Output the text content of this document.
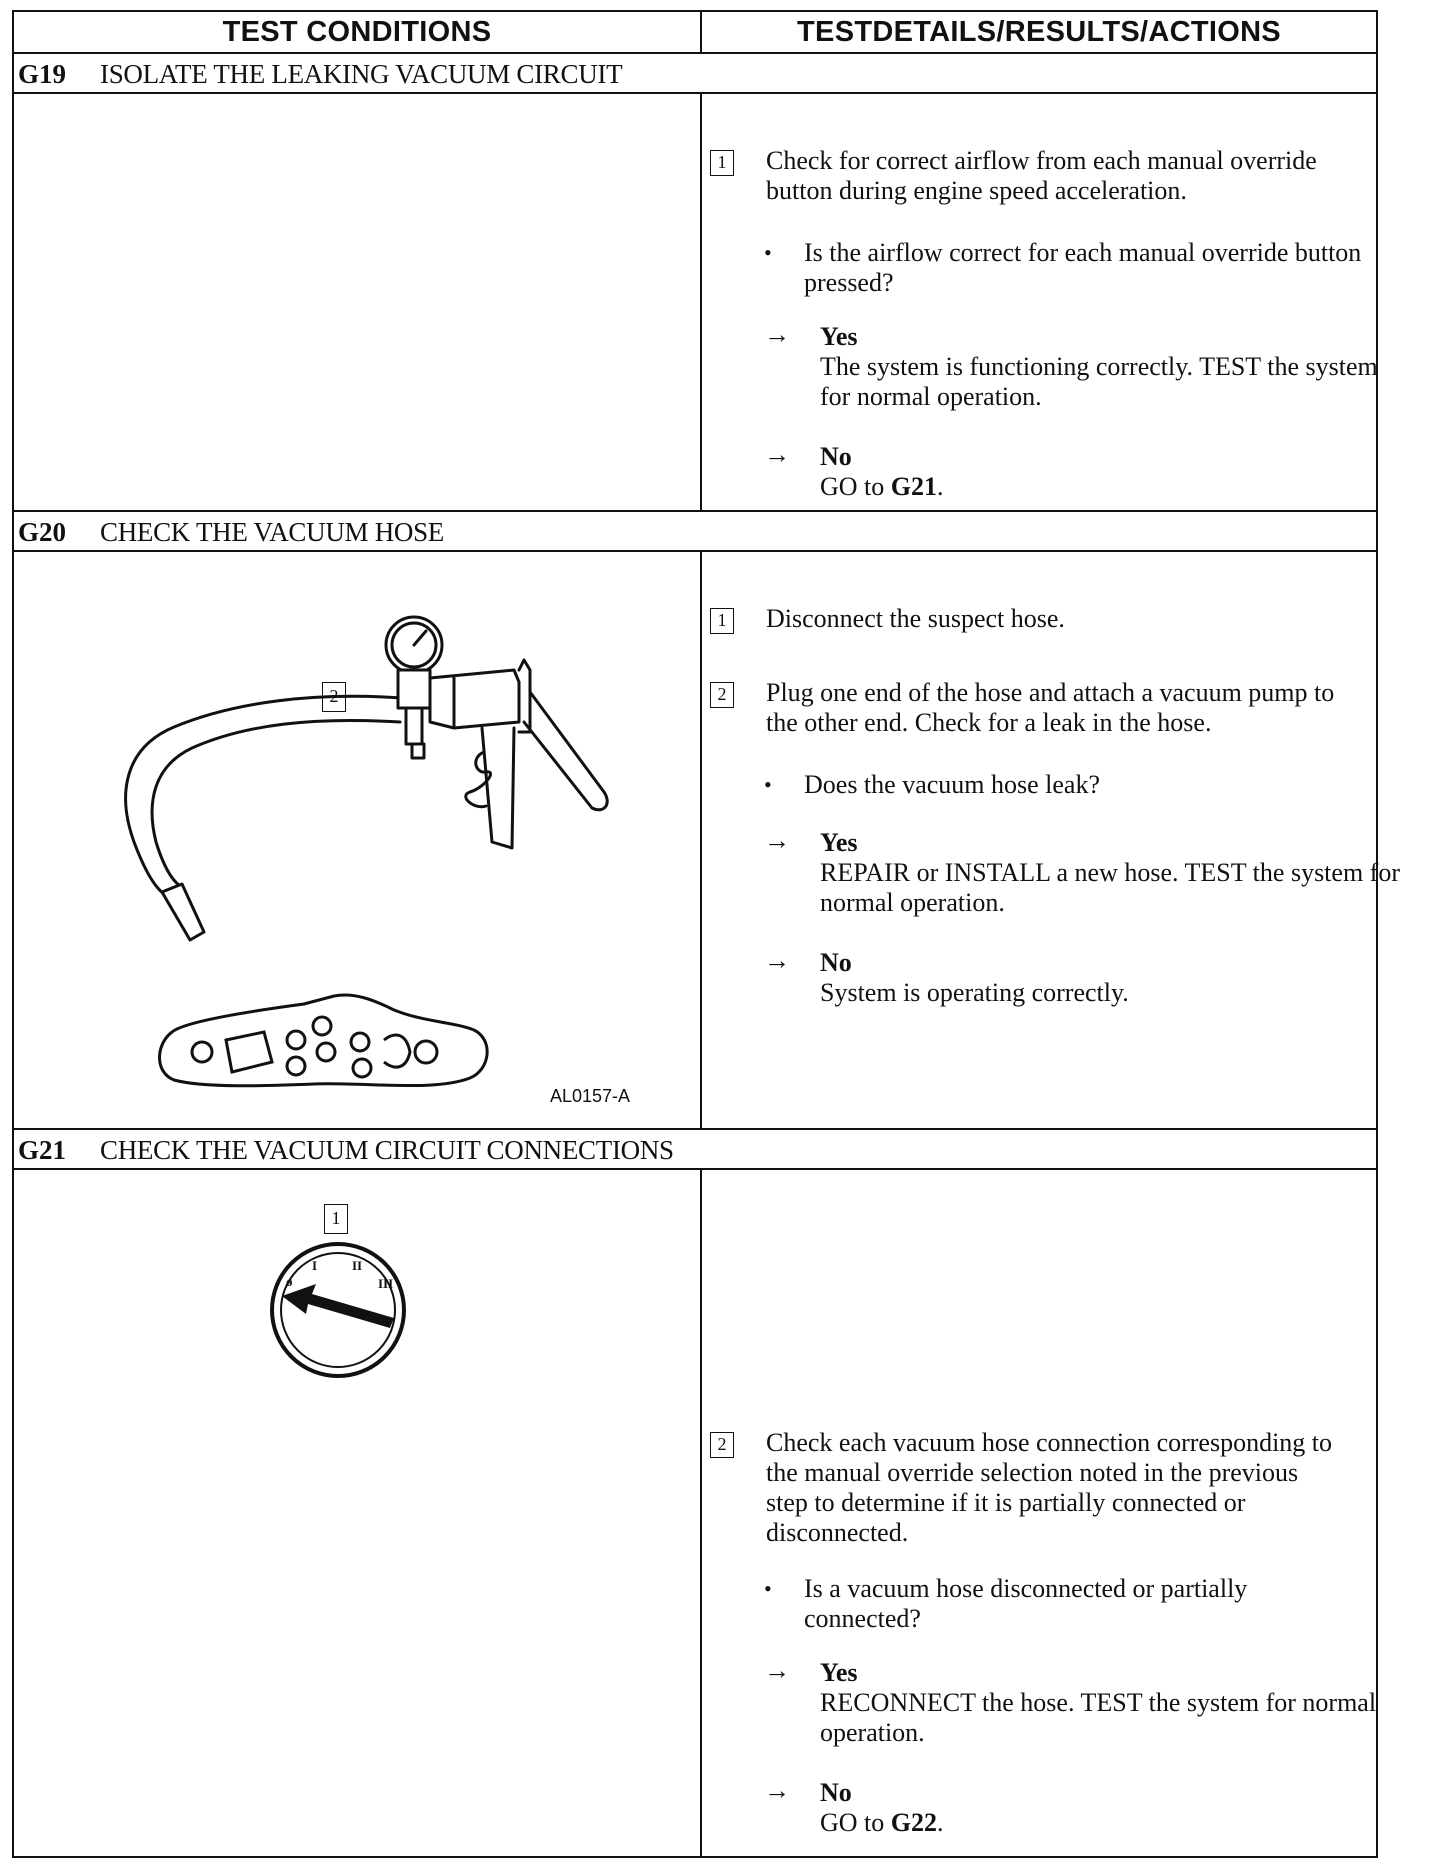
TEST CONDITIONS	TESTDETAILS/RESULTS/ACTIONS
G19	ISOLATE THE LEAKING VACUUM CIRCUIT
1 Check for correct airflow from each manual override button during engine speed acceleration.
• Is the airflow correct for each manual override button pressed?
→ Yes
The system is functioning correctly. TEST the system for normal operation.
→ No
GO to G21.
G20	CHECK THE VACUUM HOSE
2
AL0157-A
1 Disconnect the suspect hose.
2 Plug one end of the hose and attach a vacuum pump to the other end. Check for a leak in the hose.
• Does the vacuum hose leak?
→ Yes
REPAIR or INSTALL a new hose. TEST the system for normal operation.
→ No
System is operating correctly.
G21	CHECK THE VACUUM CIRCUIT CONNECTIONS
1
ø
I	II
III
2 Check each vacuum hose connection corresponding to the manual override selection noted in the previous step to determine if it is partially connected or disconnected.
• Is a vacuum hose disconnected or partially connected?
→ Yes
RECONNECT the hose. TEST the system for normal operation.
→ No
GO to G22.
